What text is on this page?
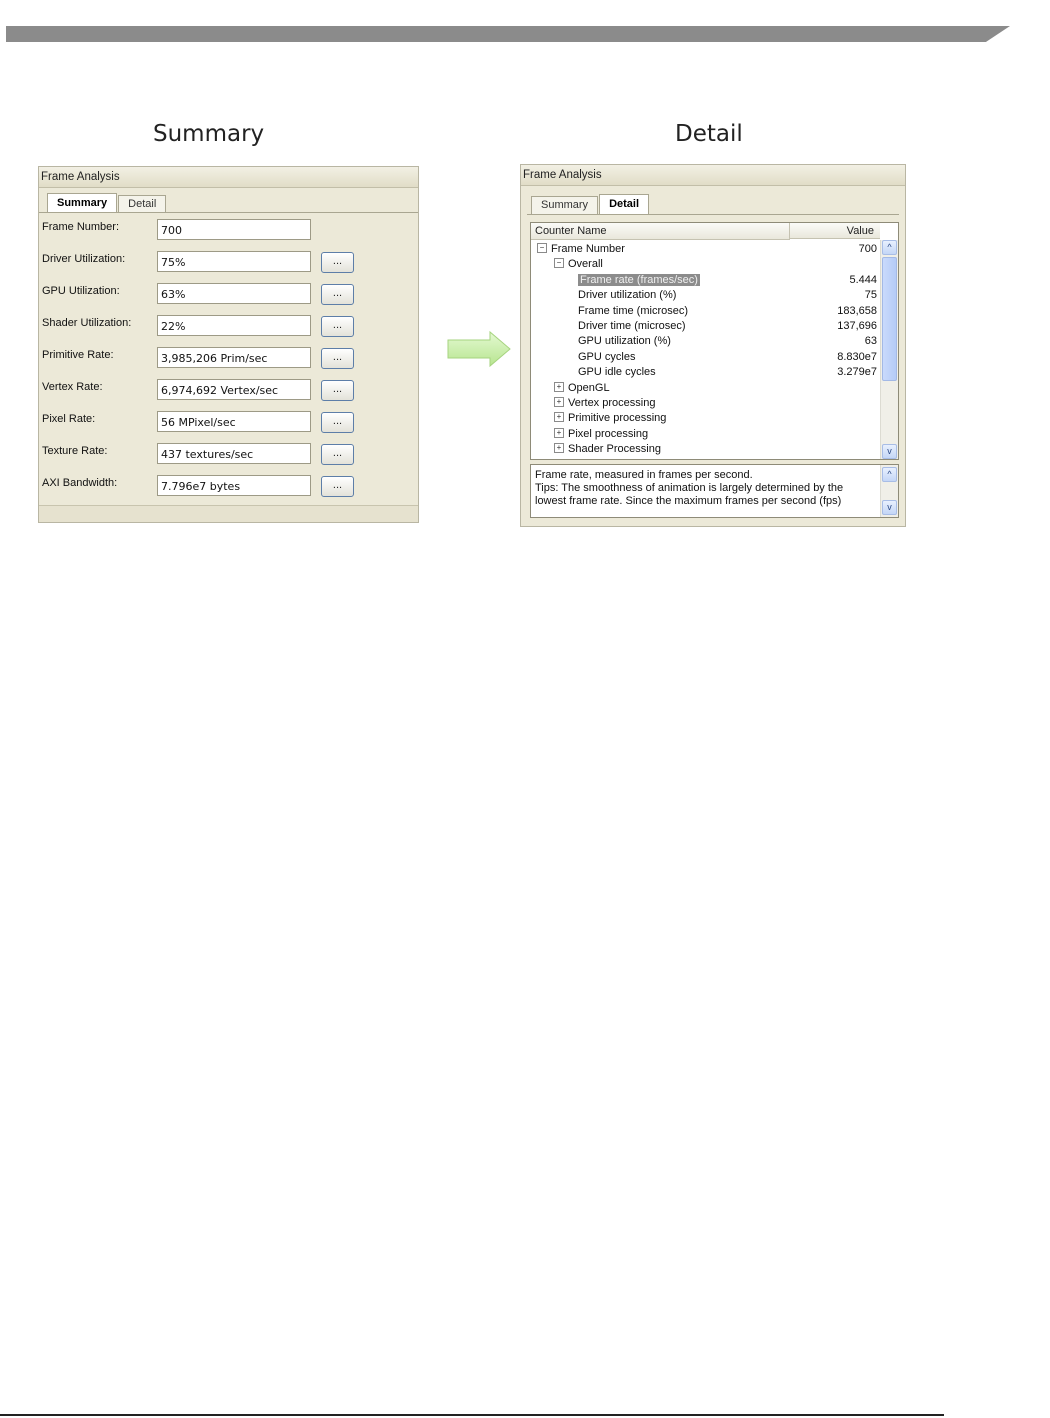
Summary	Detail
Frame Analysis
Summary	Detail
Frame Number:	700
Driver Utilization:	75%	...
GPU Utilization:	63%	...
Shader Utilization:	22%	...
Primitive Rate:	3,985,206 Prim/sec	...
Vertex Rate:	6,974,692 Vertex/sec	...
Pixel Rate:	56 MPixel/sec	...
Texture Rate:	437 textures/sec	...
AXI Bandwidth:	7.796e7 bytes	...
Frame Analysis
Summary	Detail
Counter Name	Value
− Frame Number	700
− Overall
Frame rate (frames/sec)	5.444
Driver utilization (%)	75
Frame time (microsec)	183,658
Driver time (microsec)	137,696
GPU utilization (%)	63
GPU cycles	8.830e7
GPU idle cycles	3.279e7
+ OpenGL
+ Vertex processing
+ Primitive processing
+ Pixel processing
+ Shader Processing
^
v
Frame rate, measured in frames per second.
Tips: The smoothness of animation is largely determined by the
lowest frame rate. Since the maximum frames per second (fps)
^
v
